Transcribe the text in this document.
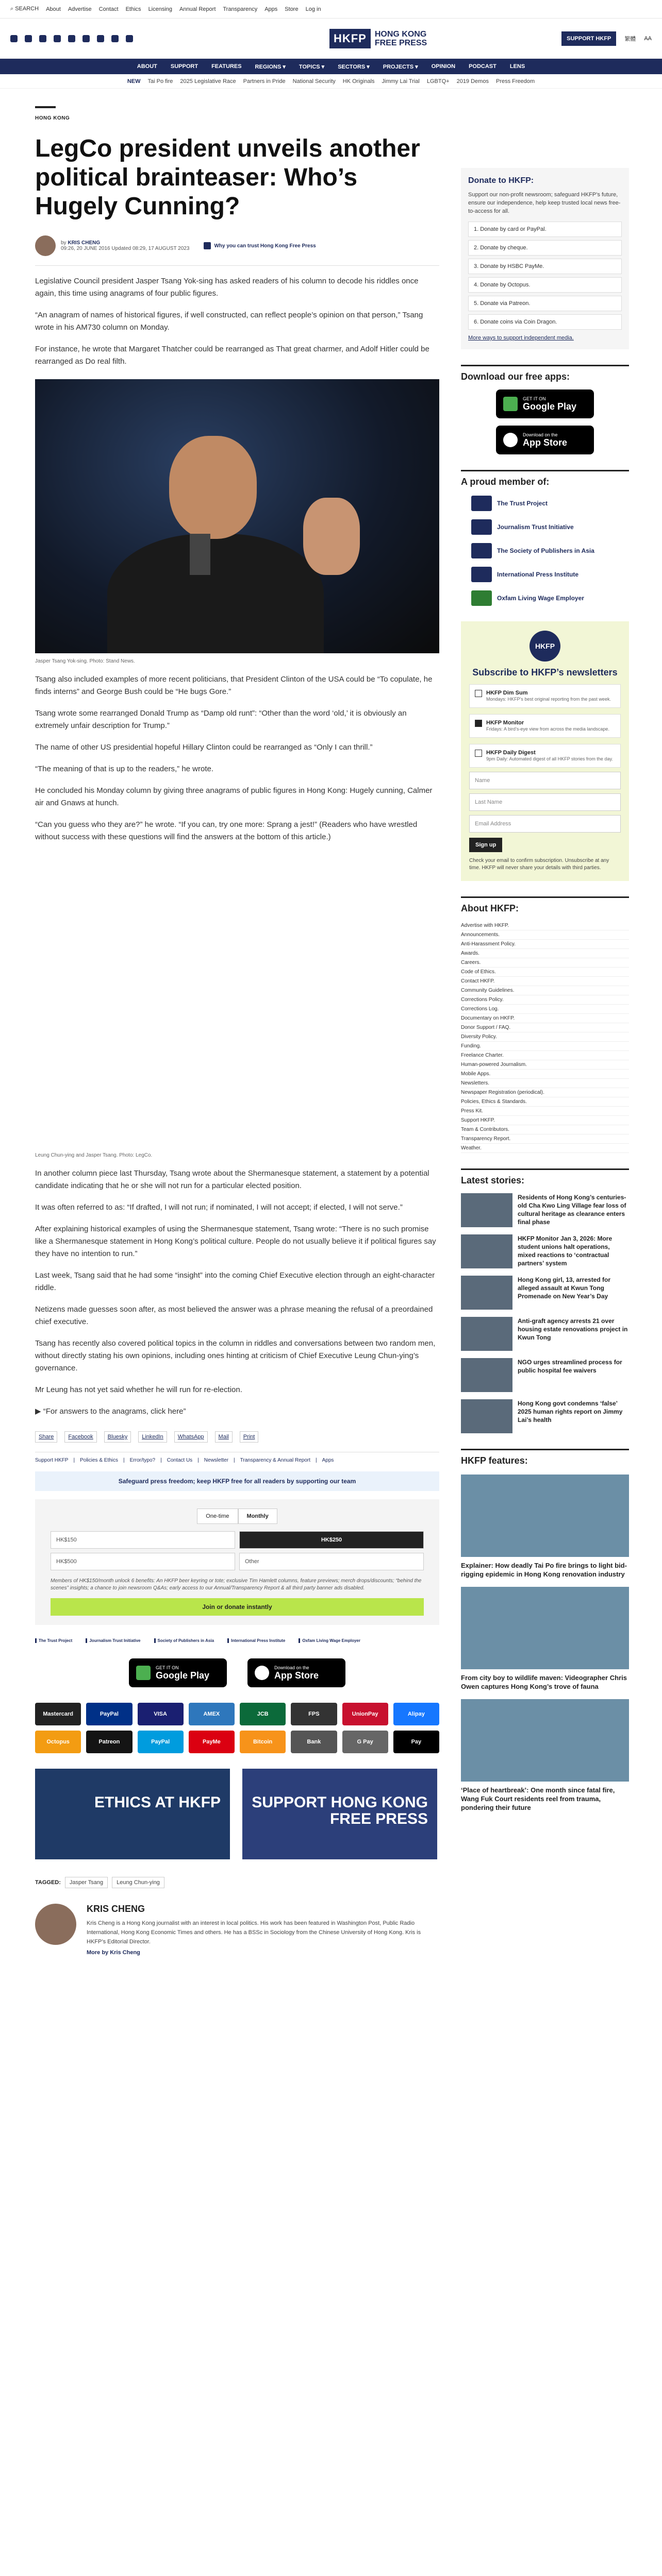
⌕ SEARCH About Advertise Contact Ethics Licensing Annual Report Transparency Apps Store Log in
HKFP	HONG KONG
FREE PRESS	SUPPORT HKFP	繁體 AA
ABOUT SUPPORT FEATURES REGIONS ▾ TOPICS ▾ SECTORS ▾ PROJECTS ▾ OPINION PODCAST LENS
NEW Tai Po fire 2025 Legislative Race Partners in Pride National Security HK Originals Jimmy Lai Trial LGBTQ+ 2019 Demos Press Freedom
HONG KONG
LegCo president unveils another political brainteaser: Who’s Hugely Cunning?
by KRIS CHENG
09:26, 20 JUNE 2016 Updated 08:29, 17 AUGUST 2023	Why you can trust Hong Kong Free Press

Legislative Council president Jasper Tsang Yok-sing has asked readers of his column to decode his riddles once again, this time using anagrams of four public figures.

“An anagram of names of historical figures, if well constructed, can reflect people’s opinion on that person,” Tsang wrote in his AM730 column on Monday.

For instance, he wrote that Margaret Thatcher could be rearranged as That great charmer, and Adolf Hitler could be rearranged as Do real filth.

Jasper Tsang Yok-sing. Photo: Stand News.

Tsang also included examples of more recent politicians, that President Clinton of the USA could be “To copulate, he finds interns” and George Bush could be “He bugs Gore.”

Tsang wrote some rearranged Donald Trump as “Damp old runt”: “Other than the word ‘old,’ it is obviously an extremely unfair description for Trump.”

The name of other US presidential hopeful Hillary Clinton could be rearranged as “Only I can thrill.”

“The meaning of that is up to the readers,” he wrote.

He concluded his Monday column by giving three anagrams of public figures in Hong Kong: Hugely cunning, Calmer air and Gnaws at hunch.

“Can you guess who they are?” he wrote. “If you can, try one more: Sprang a jest!” (Readers who have wrestled without success with these questions will find the answers at the bottom of this article.)

Leung Chun-ying and Jasper Tsang. Photo: LegCo.

In another column piece last Thursday, Tsang wrote about the Shermanesque statement, a statement by a potential candidate indicating that he or she will not run for a particular elected position.

It was often referred to as: “If drafted, I will not run; if nominated, I will not accept; if elected, I will not serve.”

After explaining historical examples of using the Shermanesque statement, Tsang wrote: “There is no such promise like a Shermanesque statement in Hong Kong’s political culture. People do not usually believe it if political figures say they have no intention to run.”

Last week, Tsang said that he had some “insight” into the coming Chief Executive election through an eight-character riddle.

Netizens made guesses soon after, as most believed the answer was a phrase meaning the refusal of a preordained chief executive.

Tsang has recently also covered political topics in the column in riddles and conversations between two random men, without directly stating his own opinions, including ones hinting at criticism of Chief Executive Leung Chun-ying’s governance.

Mr Leung has not yet said whether he will run for re-election.

▶ “For answers to the anagrams, click here”

Share	Facebook	Bluesky	LinkedIn	WhatsApp	Mail	Print
Support HKFP | Policies & Ethics | Error/typo? | Contact Us | Newsletter | Transparency & Annual Report | Apps
Safeguard press freedom; keep HKFP free for all readers by supporting our team
One-time	Monthly
HK$150	HK$250
HK$500	Other

Members of HK$150/month unlock 6 benefits: An HKFP beer keyring or tote; exclusive Tim Hamlett columns, feature previews; merch drops/discounts; “behind the scenes” insights; a chance to join newsroom Q&As; early access to our Annual/Transparency Report & all third party banner ads disabled.

Join or donate instantly
The Trust Project	Journalism Trust Initiative	Society of Publishers in Asia	International Press Institute	Oxfam Living Wage Employer
GET IT ON
Google Play
Download on the
App Store
Mastercard	PayPal	VISA	AMEX	JCB	FPS	UnionPay	Alipay
Octopus	Patreon	PayPal	PayMe	Bitcoin	Bank	G Pay	Pay
ETHICS AT HKFP	SUPPORT HONG KONG FREE PRESS
TAGGED:	Jasper Tsang	Leung Chun-ying
KRIS CHENG

Kris Cheng is a Hong Kong journalist with an interest in local politics. His work has been featured in Washington Post, Public Radio International, Hong Kong Economic Times and others. He has a BSSc in Sociology from the Chinese University of Hong Kong. Kris is HKFP’s Editorial Director.

More by Kris Cheng
Donate to HKFP:

Support our non-profit newsroom; safeguard HKFP’s future, ensure our independence, help keep trusted local news free-to-access for all.

1. Donate by card or PayPal.
2. Donate by cheque.
3. Donate by HSBC PayMe.
4. Donate by Octopus.
5. Donate via Patreon.
6. Donate coins via Coin Dragon.
More ways to support independent media.
Download our free apps:
GET IT ON
Google Play
Download on the
App Store
A proud member of:
The Trust Project
Journalism Trust Initiative
The Society of Publishers in Asia
International Press Institute
Oxfam Living Wage Employer
HKFP
Subscribe to HKFP’s newsletters
HKFP Dim Sum
Mondays: HKFP’s best original reporting from the past week.
HKFP Monitor
Fridays: A bird’s-eye view from across the media landscape.
HKFP Daily Digest
9pm Daily: Automated digest of all HKFP stories from the day.
Name
Last Name
Email Address
Sign up

Check your email to confirm subscription. Unsubscribe at any time. HKFP will never share your details with third parties.

About HKFP:
Advertise with HKFP.
Announcements.
Anti-Harassment Policy.
Awards.
Careers.
Code of Ethics.
Contact HKFP.
Community Guidelines.
Corrections Policy.
Corrections Log.
Documentary on HKFP.
Donor Support / FAQ.
Diversity Policy.
Funding.
Freelance Charter.
Human-powered Journalism.
Mobile Apps.
Newsletters.
Newspaper Registration (periodical).
Policies, Ethics & Standards.
Press Kit.
Support HKFP.
Team & Contributors.
Transparency Report.
Weather.
Latest stories:
Residents of Hong Kong’s centuries-old Cha Kwo Ling Village fear loss of cultural heritage as clearance enters final phase
HKFP Monitor Jan 3, 2026: More student unions halt operations, mixed reactions to ‘contractual partners’ system
Hong Kong girl, 13, arrested for alleged assault at Kwun Tong Promenade on New Year’s Day
Anti-graft agency arrests 21 over housing estate renovations project in Kwun Tong
NGO urges streamlined process for public hospital fee waivers
Hong Kong govt condemns ‘false’ 2025 human rights report on Jimmy Lai’s health
HKFP features:
Explainer: How deadly Tai Po fire brings to light bid-rigging epidemic in Hong Kong renovation industry
From city boy to wildlife maven: Videographer Chris Owen captures Hong Kong’s trove of fauna
‘Place of heartbreak’: One month since fatal fire, Wang Fuk Court residents reel from trauma, pondering their future
